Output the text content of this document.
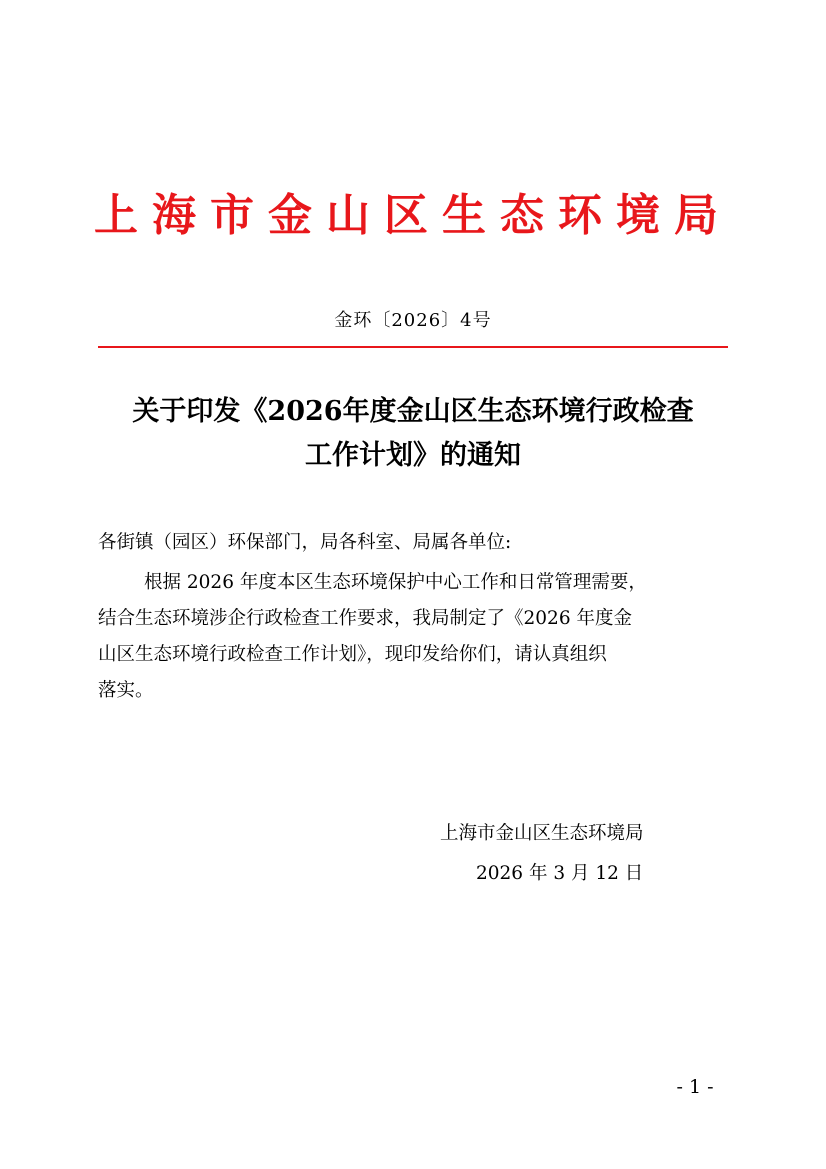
上海市金山区生态环境局
金环〔2026〕4号
关于印发《2026年度金山区生态环境行政检查
工作计划》的通知
各街镇（园区）环保部门，局各科室、局属各单位:
根据 2026 年度本区生态环境保护中心工作和日常管理需要，
结合生态环境涉企行政检查工作要求，我局制定了《2026 年度金
山区生态环境行政检查工作计划》，现印发给你们，请认真组织
落实。
上海市金山区生态环境局
2026 年 3 月 12 日
- 1 -
